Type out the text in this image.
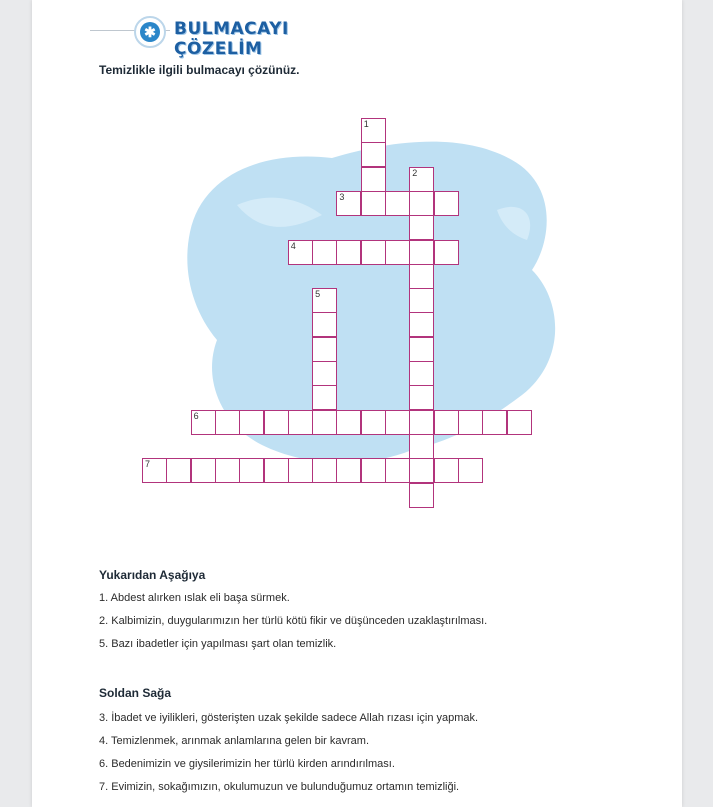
✱ BULMACAYI ÇÖZELİM
Temizlikle ilgili bulmacayı çözünüz.
1
2
3
4
5
6
7
Yukarıdan Aşağıya
1. Abdest alırken ıslak eli başa sürmek.
2. Kalbimizin, duygularımızın her türlü kötü fikir ve düşünceden uzaklaştırılması.
5. Bazı ibadetler için yapılması şart olan temizlik.
Soldan Sağa
3. İbadet ve iyilikleri, gösterişten uzak şekilde sadece Allah rızası için yapmak.
4. Temizlenmek, arınmak anlamlarına gelen bir kavram.
6. Bedenimizin ve giysilerimizin her türlü kirden arındırılması.
7. Evimizin, sokağımızın, okulumuzun ve bulunduğumuz ortamın temizliği.
